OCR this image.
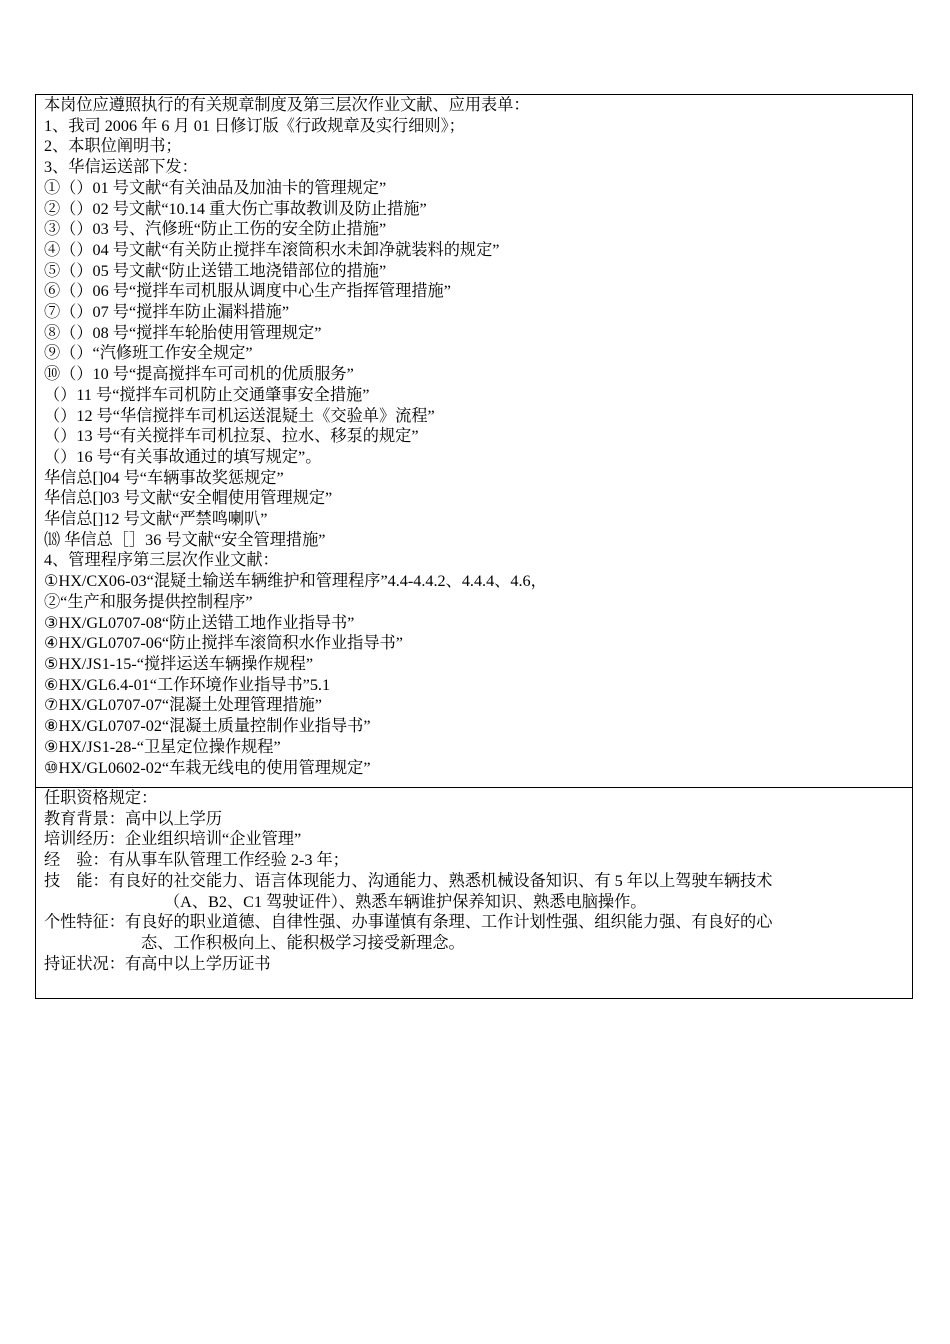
本岗位应遵照执行的有关规章制度及第三层次作业文献、应用表单：
1、我司 2006 年 6 月 01 日修订版《行政规章及实行细则》；
2、本职位阐明书；
3、华信运送部下发：
①（）01 号文献“有关油品及加油卡的管理规定”
②（）02 号文献“10.14 重大伤亡事故教训及防止措施”
③（）03 号、汽修班“防止工伤的安全防止措施”
④（）04 号文献“有关防止搅拌车滚筒积水未卸净就装料的规定”
⑤（）05 号文献“防止送错工地浇错部位的措施”
⑥（）06 号“搅拌车司机服从调度中心生产指挥管理措施”
⑦（）07 号“搅拌车防止漏料措施”
⑧（）08 号“搅拌车轮胎使用管理规定”
⑨（）“汽修班工作安全规定”
⑩（）10 号“提高搅拌车可司机的优质服务”
（）11 号“搅拌车司机防止交通肇事安全措施”
（）12 号“华信搅拌车司机运送混疑土《交验单》流程”
（）13 号“有关搅拌车司机拉泵、拉水、移泵的规定”
（）16 号“有关事故通过的填写规定”。
华信总[]04 号“车辆事故奖惩规定”
华信总[]03 号文献“安全帽使用管理规定”
华信总[]12 号文献“严禁鸣喇叭”
⒅ 华信总［］36 号文献“安全管理措施”
4、管理程序第三层次作业文献：
①HX/CX06-03“混疑土输送车辆维护和管理程序”4.4-4.4.2、4.4.4、4.6，
②“生产和服务提供控制程序”
③HX/GL0707-08“防止送错工地作业指导书”
④HX/GL0707-06“防止搅拌车滚筒积水作业指导书”
⑤HX/JS1-15-“搅拌运送车辆操作规程”
⑥HX/GL6.4-01“工作环境作业指导书”5.1
⑦HX/GL0707-07“混凝土处理管理措施”
⑧HX/GL0707-02“混凝土质量控制作业指导书”
⑨HX/JS1-28-“卫星定位操作规程”
⑩HX/GL0602-02“车栽无线电的使用管理规定”
任职资格规定：
教育背景： 高中以上学历
培训经历： 企业组织培训“企业管理”
经　验： 有从事车队管理工作经验 2-3 年；
技　能： 有良好的社交能力、语言体现能力、沟通能力、熟悉机械设备知识、有 5 年以上驾驶车辆技术
（A、B2、C1 驾驶证件）、熟悉车辆谁护保养知识、熟悉电脑操作。
个性特征： 有良好的职业道德、自律性强、办事谨慎有条理、工作计划性强、组织能力强、有良好的心
态、工作积极向上、能积极学习接受新理念。
持证状况： 有高中以上学历证书
